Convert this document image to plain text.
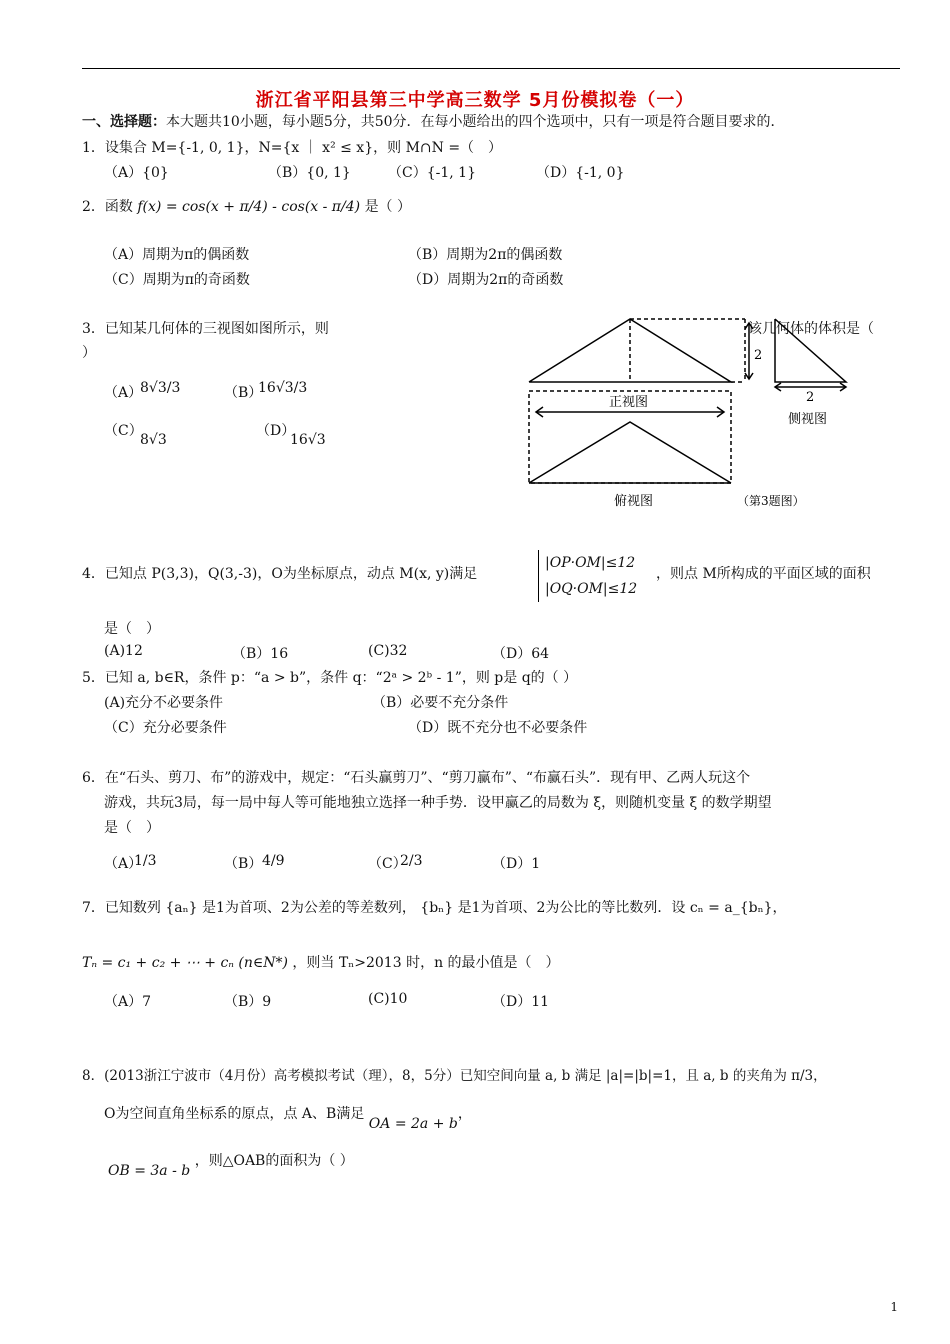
浙江省平阳县第三中学高三数学 5月份模拟卷（一）
一、选择题：本大题共10小题，每小题5分，共50分．在每小题给出的四个选项中，只有一项是符合题目要求的．
1．设集合 M={-1, 0, 1}，N={x ｜ x² ≤ x}，则 M∩N =（　）
（A）{0}	（B）{0, 1}	（C）{-1, 1}	（D）{-1, 0}
2．函数 f(x) = cos(x + π/4) - cos(x - π/4) 是（ ）
（A）周期为π的偶函数	（B）周期为2π的偶函数
（C）周期为π的奇函数	（D）周期为2π的奇函数
3．已知某几何体的三视图如图所示，则	该几何体的体积是（
）
（A）
8√3/3	（B）
16√3/3
（C）
8√3
（D）
16√3
正视图
侧视图
俯视图	（第3题图）
2
2
4．已知点 P(3,3)，Q(3,-3)，O为坐标原点，动点 M(x, y)满足
|OP·OM|≤12
|OQ·OM|≤12
，则点 M所构成的平面区域的面积
是（　）
(A)12	（B）16	(C)32	（D）64
5．已知 a, b∈R，条件 p：“a > b”，条件 q：“2ᵃ > 2ᵇ - 1”，则 p是 q的（ ）
(A)充分不必要条件	（B）必要不充分条件
（C）充分必要条件	（D）既不充分也不必要条件
6．在“石头、剪刀、布”的游戏中，规定：“石头赢剪刀”、“剪刀赢布”、“布赢石头”．现有甲、乙两人玩这个
游戏，共玩3局，每一局中每人等可能地独立选择一种手势．设甲赢乙的局数为 ξ，则随机变量 ξ 的数学期望
是（　）
（A）
1/3	（B） 4/9	（C）
2/3	（D）1
7．已知数列 {aₙ} 是1为首项、2为公差的等差数列， {bₙ} 是1为首项、2为公比的等比数列．设 cₙ = a_{bₙ}，
Tₙ = c₁ + c₂ + ⋯ + cₙ (n∈N*) ，则当 Tₙ>2013 时，n 的最小值是（　）
（A）7	（B）9	(C)10	（D）11
8．(2013浙江宁波市（4月份）高考模拟考试（理），8，5分）已知空间向量 a, b 满足 |a|=|b|=1，且 a, b 的夹角为 π/3，
O为空间直角坐标系的原点，点 A、B满足 OA = 2a + b，
OB = 3a - b ，则△OAB的面积为（ ）
1
